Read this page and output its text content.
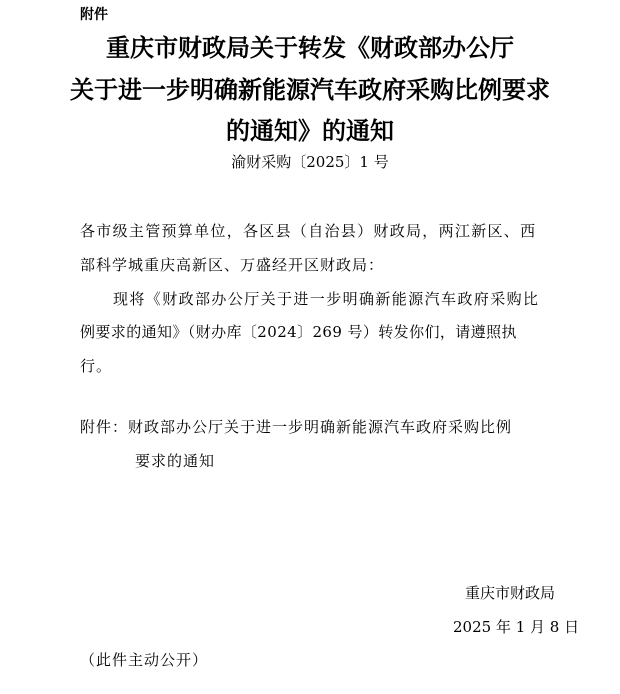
附件
重庆市财政局关于转发《财政部办公厅
关于进一步明确新能源汽车政府采购比例要求
的通知》的通知
渝财采购〔2025〕1 号
各市级主管预算单位，各区县（自治县）财政局，两江新区、西
部科学城重庆高新区、万盛经开区财政局：
现将《财政部办公厅关于进一步明确新能源汽车政府采购比
例要求的通知》（财办库〔2024〕269 号）转发你们，请遵照执
行。
附件：财政部办公厅关于进一步明确新能源汽车政府采购比例
要求的通知
重庆市财政局
2025 年 1 月 8 日
（此件主动公开）
